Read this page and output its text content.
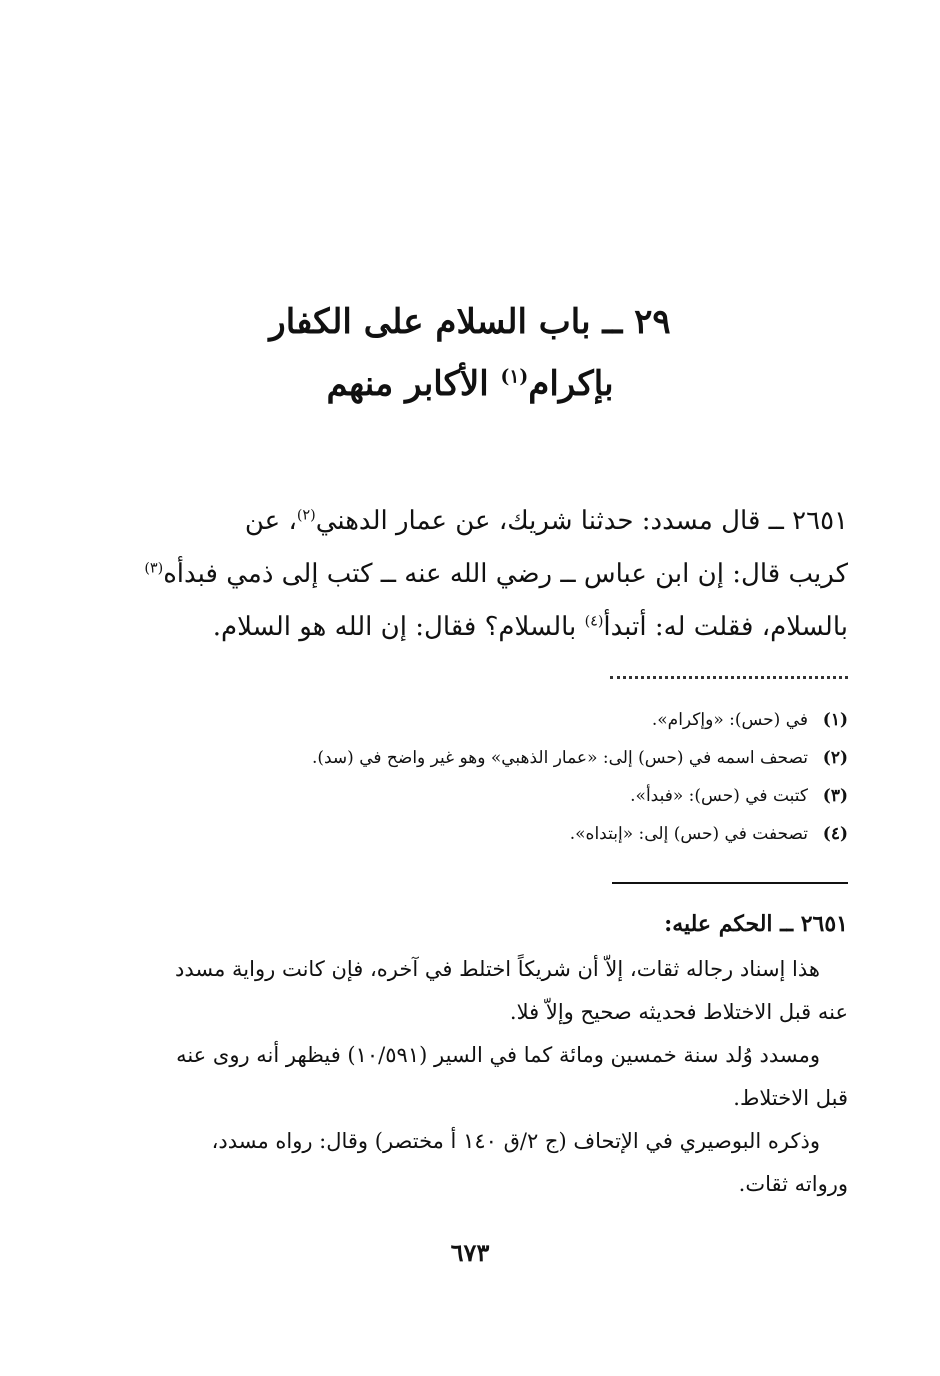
٢٩ ــ باب السلام على الكفار
بإكرام$^{(١)}$ الأكابر منهم
٢٦٥١ ــ قال مسدد: حدثنا شريك، عن عمار الدهني$^{(٢)}$، عن
كريب قال: إن ابن عباس ــ رضي الله عنه ــ كتب إلى ذمي فبدأه$^{(٣)}$
بالسلام، فقلت له: أتبدأ$^{(٤)}$ بالسلام؟ فقال: إن الله هو السلام.
(١)في (حس): «وإكرام».
(٢)تصحف اسمه في (حس) إلى: «عمار الذهبي» وهو غير واضح في (سد).
(٣)كتبت في (حس): «فبدأ».
(٤)تصحفت في (حس) إلى: «إبتداه».
٢٦٥١ ــ الحكم عليه:
هذا إسناد رجاله ثقات، إلاّ أن شريكاً اختلط في آخره، فإن كانت رواية مسدد
عنه قبل الاختلاط فحديثه صحيح وإلاّ فلا.
ومسدد وُلد سنة خمسين ومائة كما في السير (١٠/٥٩١) فيظهر أنه روى عنه
قبل الاختلاط.
وذكره البوصيري في الإتحاف (ج ٢/ق ١٤٠ أ مختصر) وقال: رواه مسدد،
ورواته ثقات.
٦٧٣
